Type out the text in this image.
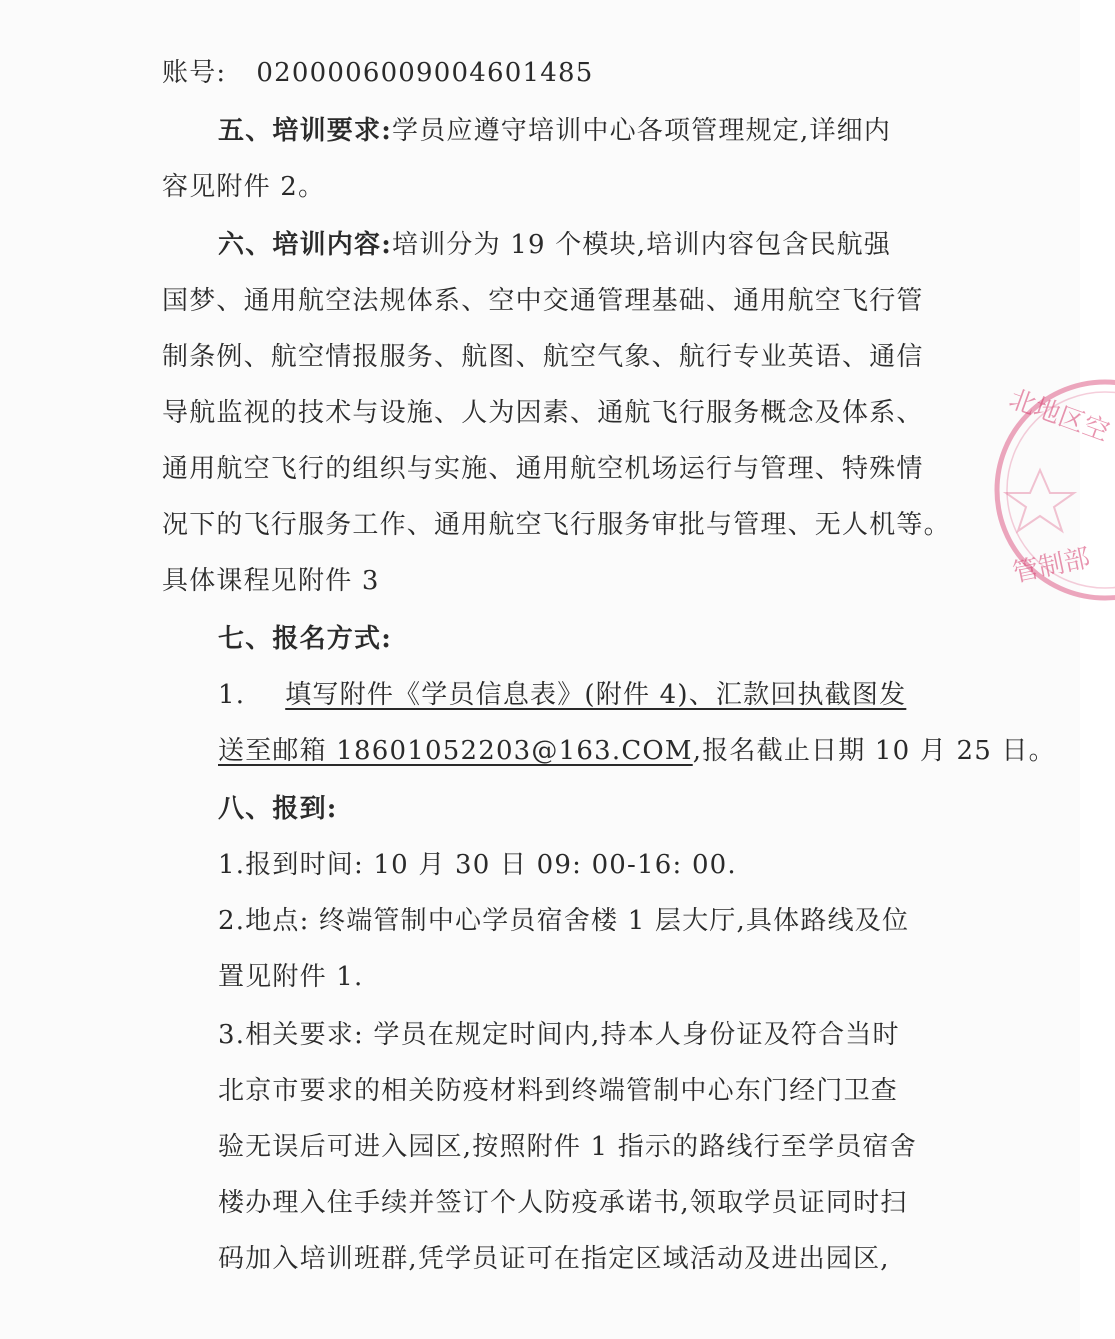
账号: 0200006009004601485
五、培训要求:学员应遵守培训中心各项管理规定,详细内
容见附件 2。
六、培训内容:培训分为 19 个模块,培训内容包含民航强
国梦、通用航空法规体系、空中交通管理基础、通用航空飞行管
制条例、航空情报服务、航图、航空气象、航行专业英语、通信
导航监视的技术与设施、人为因素、通航飞行服务概念及体系、
通用航空飞行的组织与实施、通用航空机场运行与管理、特殊情
况下的飞行服务工作、通用航空飞行服务审批与管理、无人机等。
具体课程见附件 3
七、报名方式:
1. 填写附件《学员信息表》(附件 4)、汇款回执截图发
送至邮箱 18601052203@163.COM,报名截止日期 10 月 25 日。
八、报到:
1.报到时间: 10 月 30 日 09: 00-16: 00.
2.地点: 终端管制中心学员宿舍楼 1 层大厅,具体路线及位
置见附件 1.
3.相关要求: 学员在规定时间内,持本人身份证及符合当时
北京市要求的相关防疫材料到终端管制中心东门经门卫查
验无误后可进入园区,按照附件 1 指示的路线行至学员宿舍
楼办理入住手续并签订个人防疫承诺书,领取学员证同时扫
码加入培训班群,凭学员证可在指定区域活动及进出园区,
北地区空
管制部
